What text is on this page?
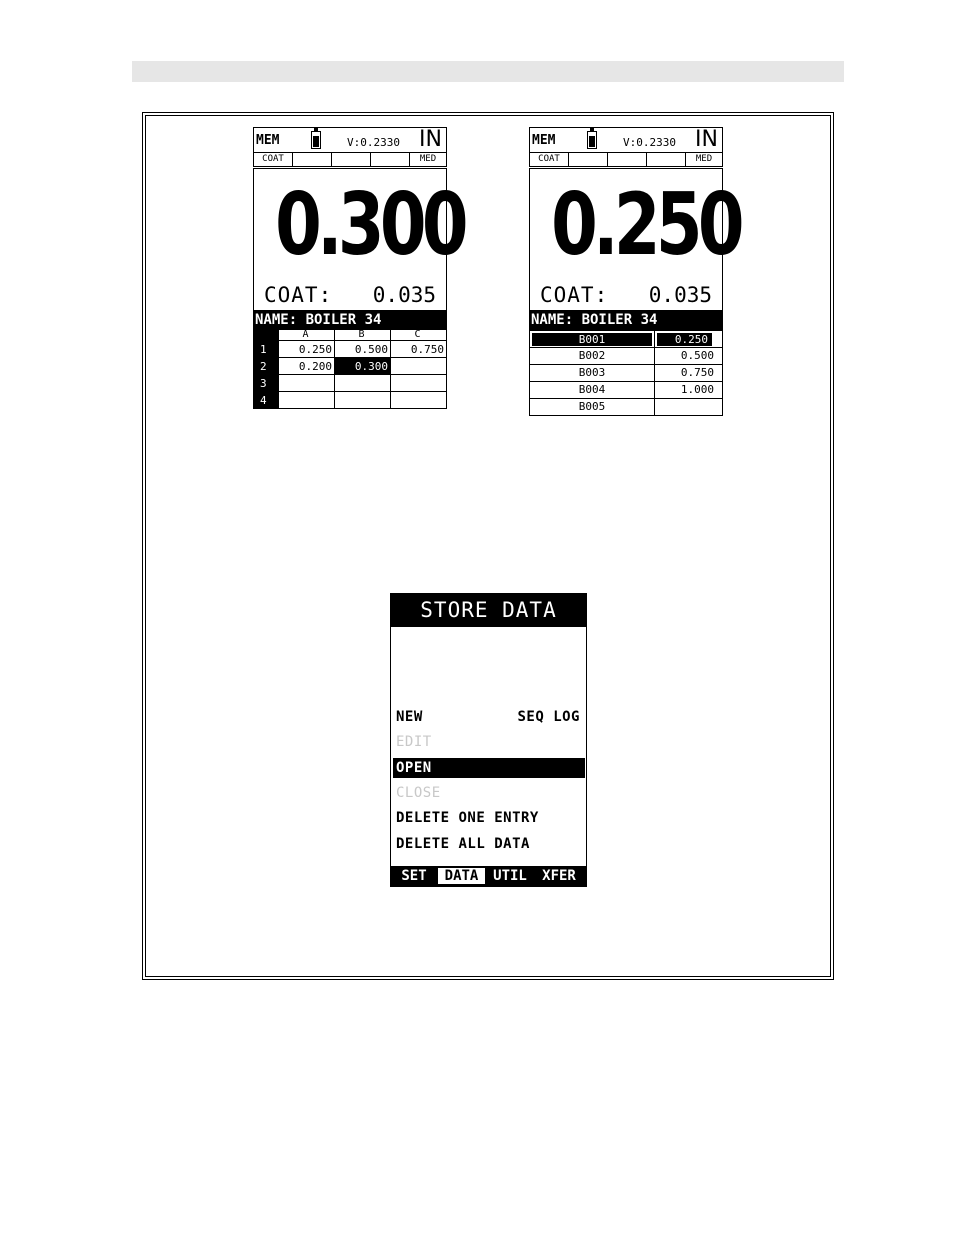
MEM	V:0.2330 IN
COAT	MED
0.300
COAT: 0.035
NAME: BOILER 34
	A	B	C
1	0.250	0.500	0.750
2	0.200	0.300	
3			
4			
MEM	V:0.2330 IN
COAT	MED
0.250
COAT: 0.035
NAME: BOILER 34
B001	0.250

B002	0.500
B003	0.750
B004	1.000
B005	
STORE DATA
NEW	SEQ LOG
EDIT
OPEN
CLOSE
DELETE ONE ENTRY
DELETE ALL DATA
SET	DATA	UTIL	XFER
